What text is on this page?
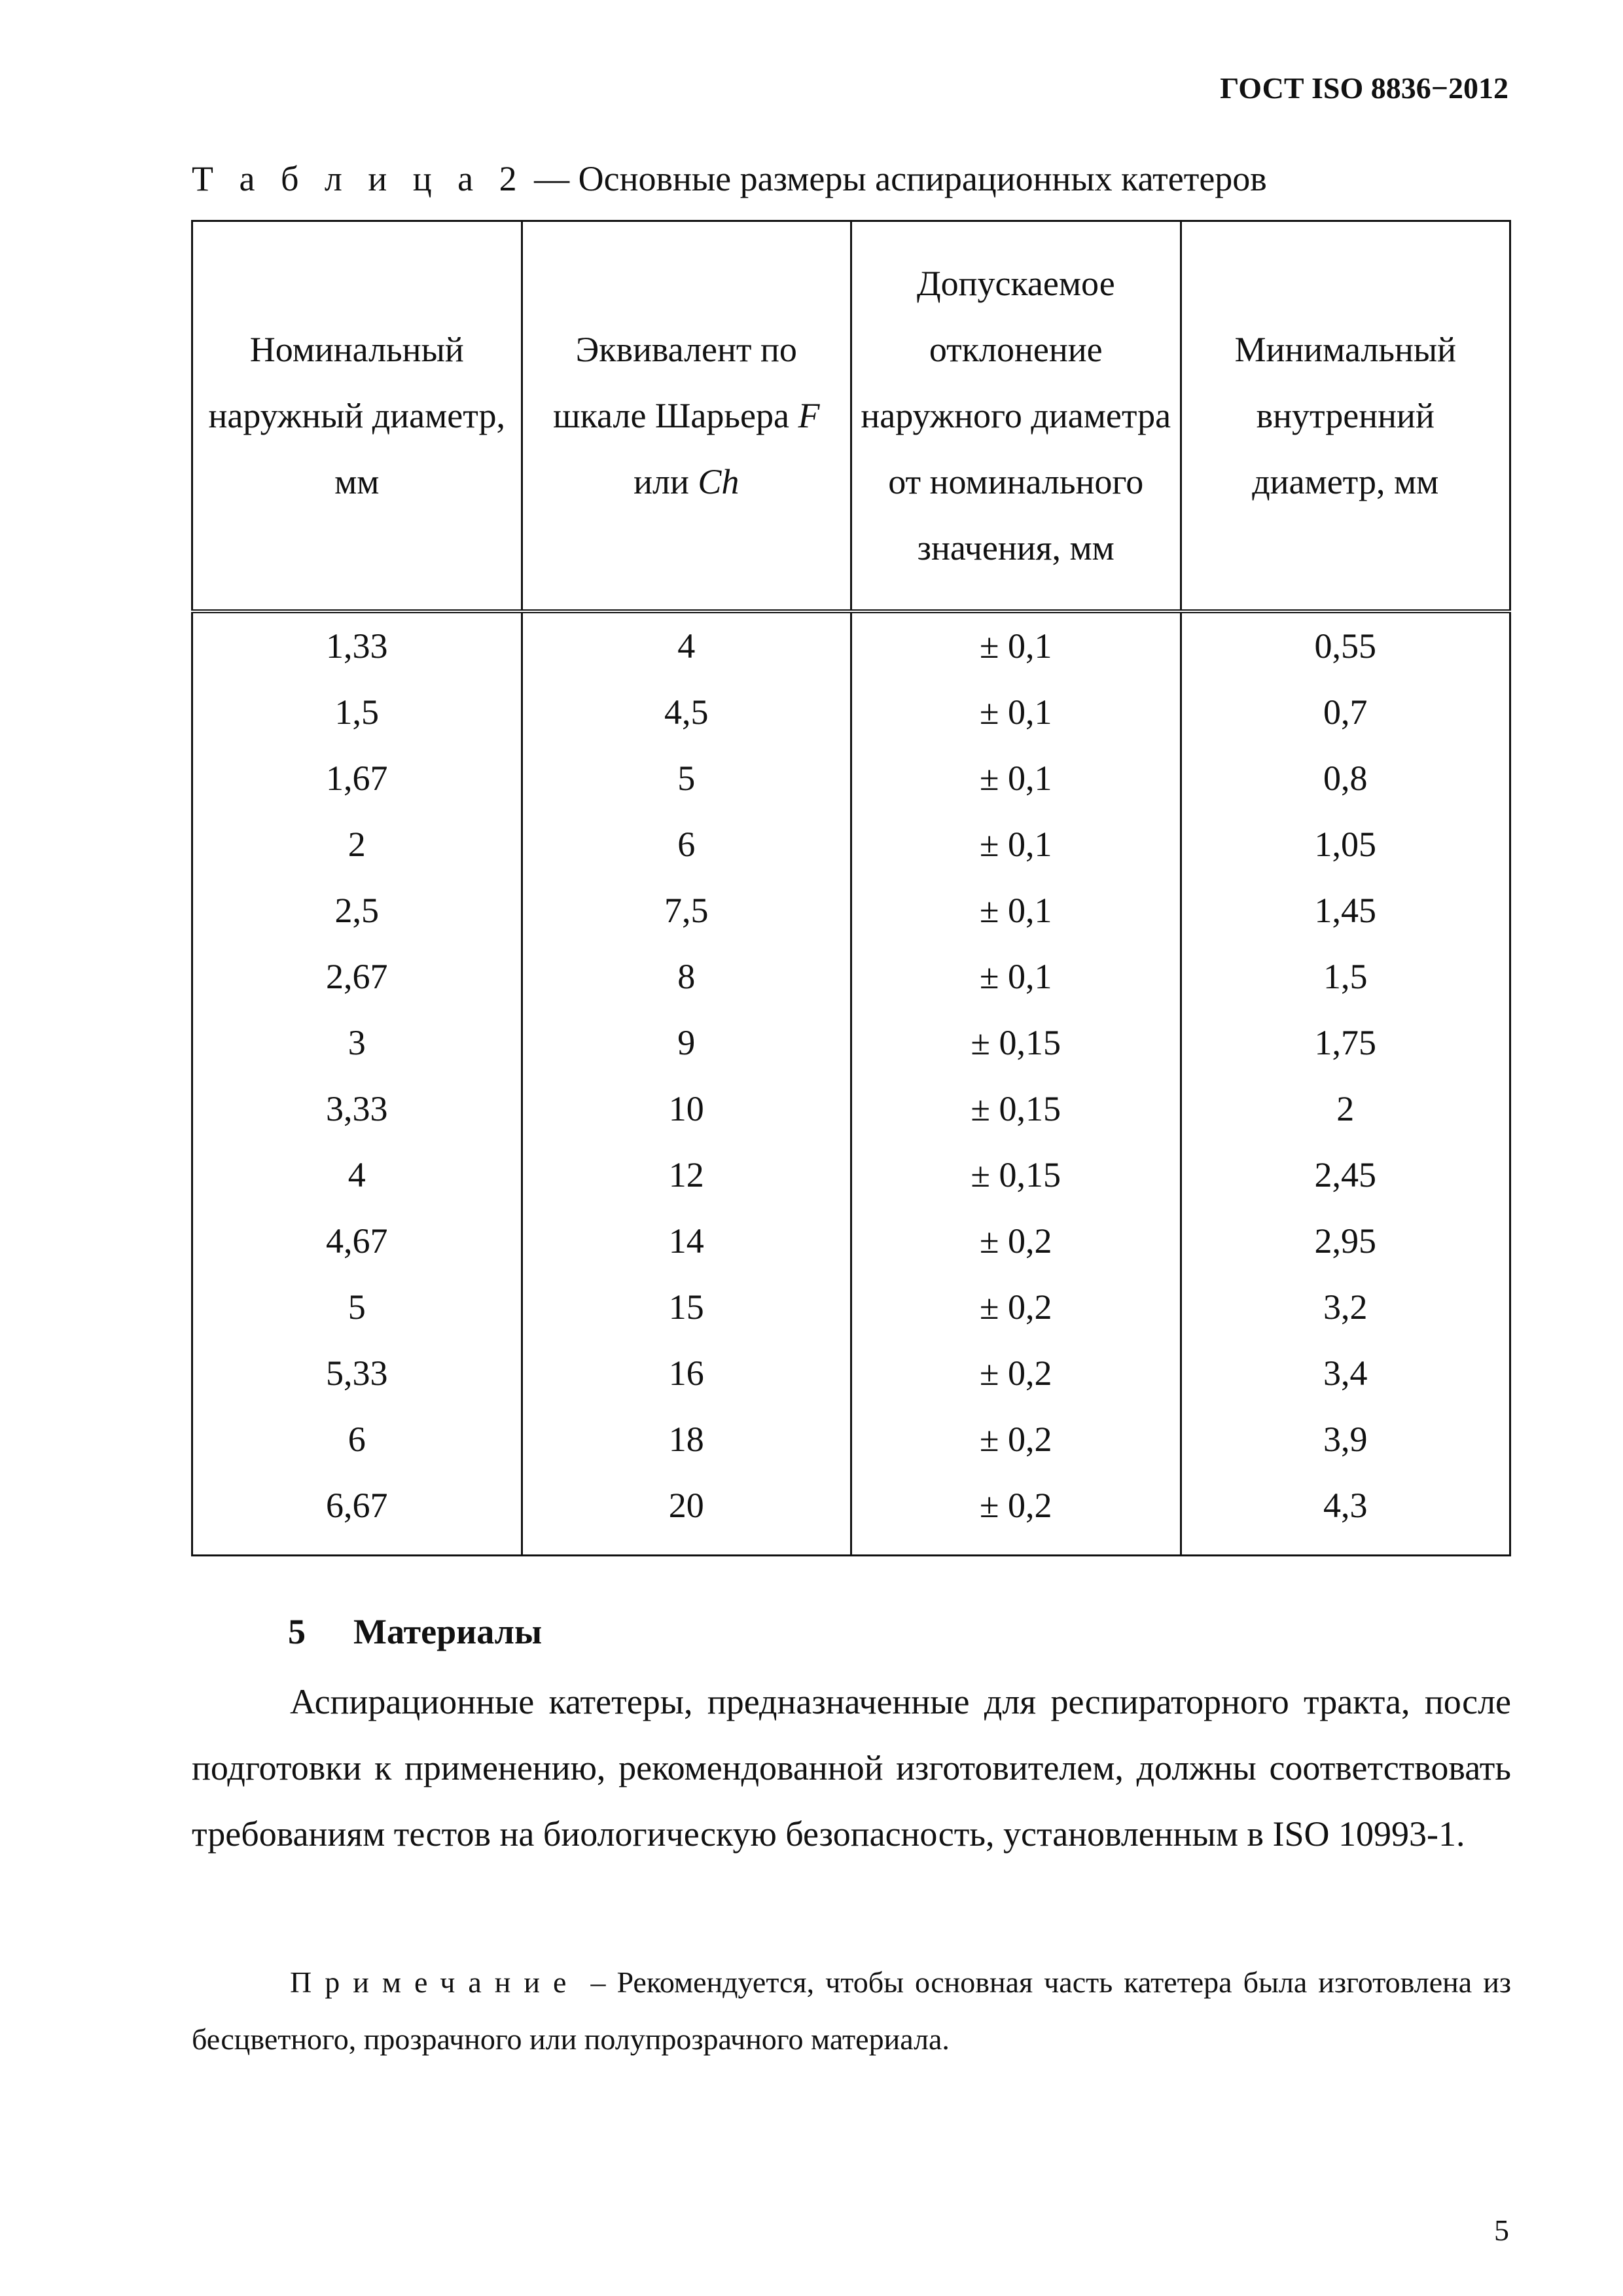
ГОСТ ISO 8836−2012
Т а б л и ц а 2 — Основные размеры аспирационных катетеров
Номинальный наружный диаметр, мм	Эквивалент по шкале Шарьера F или Ch	Допускаемое отклонение наружного диаметра от номинального значения, мм	Минимальный внутренний диаметр, мм
1,33	4	± 0,1	0,55
1,5	4,5	± 0,1	0,7
1,67	5	± 0,1	0,8
2	6	± 0,1	1,05
2,5	7,5	± 0,1	1,45
2,67	8	± 0,1	1,5
3	9	± 0,15	1,75
3,33	10	± 0,15	2
4	12	± 0,15	2,45
4,67	14	± 0,2	2,95
5	15	± 0,2	3,2
5,33	16	± 0,2	3,4
6	18	± 0,2	3,9
6,67	20	± 0,2	4,3
5 Материалы
Аспирационные катетеры, предназначенные для респираторного тракта, после подготовки к применению, рекомендованной изготовителем, должны соответствовать требованиям тестов на биологическую безопасность, установленным в ISO 10993-1.
Примечание – Рекомендуется, чтобы основная часть катетера была изготовлена из бесцветного, прозрачного или полупрозрачного материала.
5
